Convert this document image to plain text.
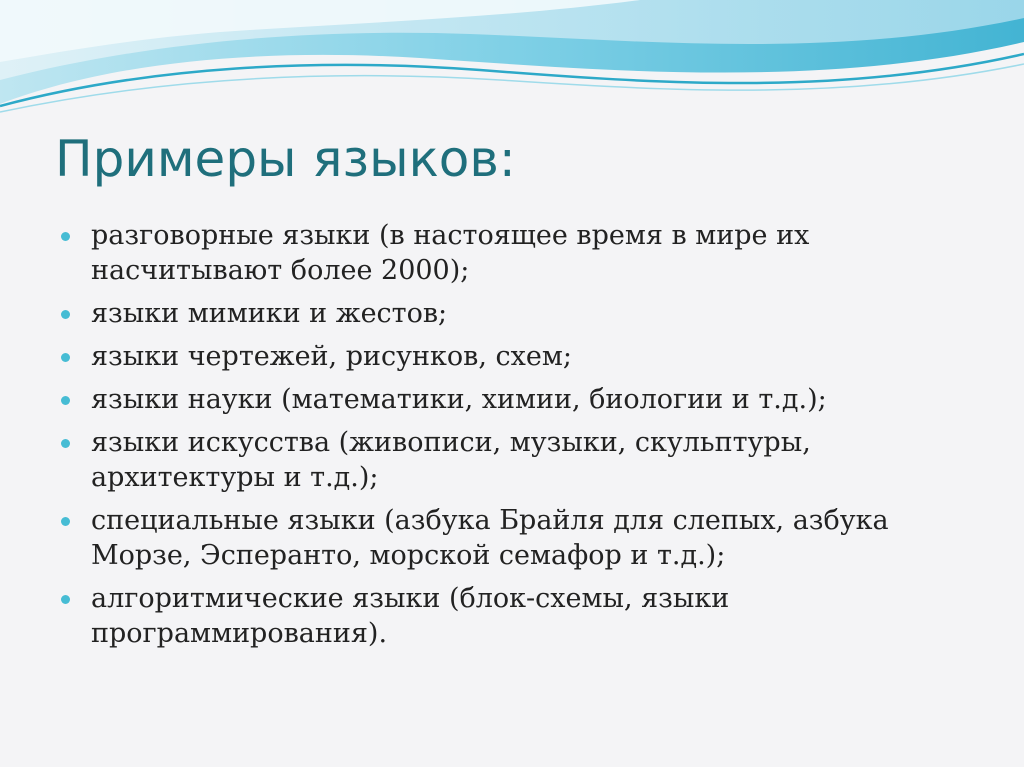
Примеры языков:
разговорные языки (в настоящее время в мире их насчитывают более 2000);
языки мимики и жестов;
языки чертежей, рисунков, схем;
языки науки (математики, химии, биологии и т.д.);
языки искусства (живописи, музыки, скульптуры, архитектуры и т.д.);
специальные языки (азбука Брайля для слепых, азбука Морзе, Эсперанто, морской семафор и т.д.);
алгоритмические языки (блок-схемы, языки программирования).
